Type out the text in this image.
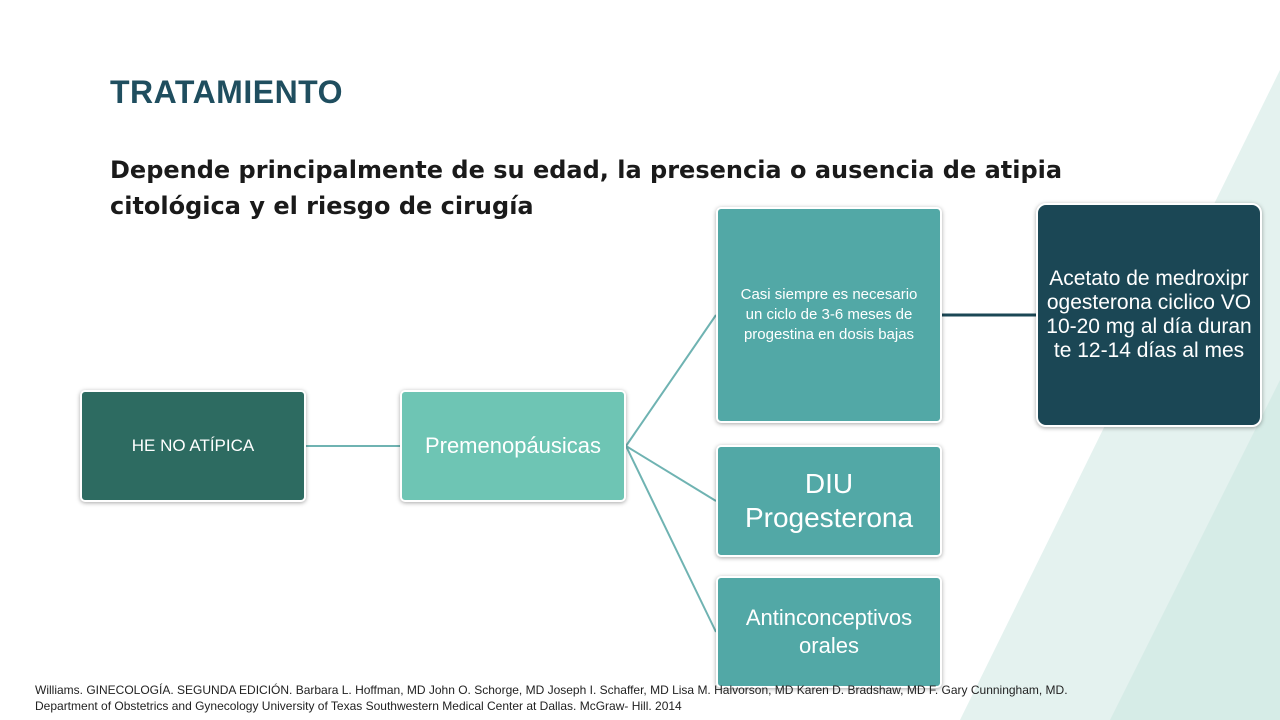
TRATAMIENTO
Depende principalmente de su edad, la presencia o ausencia de atipia citológica y el riesgo de cirugía
HE NO ATÍPICA	Premenopáusicas
Casi siempre es necesario un ciclo de 3-6 meses de progestina en dosis bajas
Acetato de medroxiprogesterona ciclico VO 10-20 mg al día durante 12-14 días al mes
DIU Progesterona
Antinconceptivos orales
Williams. GINECOLOGÍA. SEGUNDA EDICIÓN. Barbara L. Hoffman, MD John O. Schorge, MD Joseph I. Schaffer, MD Lisa M. Halvorson, MD Karen D. Bradshaw, MD F. Gary Cunningham, MD.
Department of Obstetrics and Gynecology University of Texas Southwestern Medical Center at Dallas. McGraw- Hill. 2014
